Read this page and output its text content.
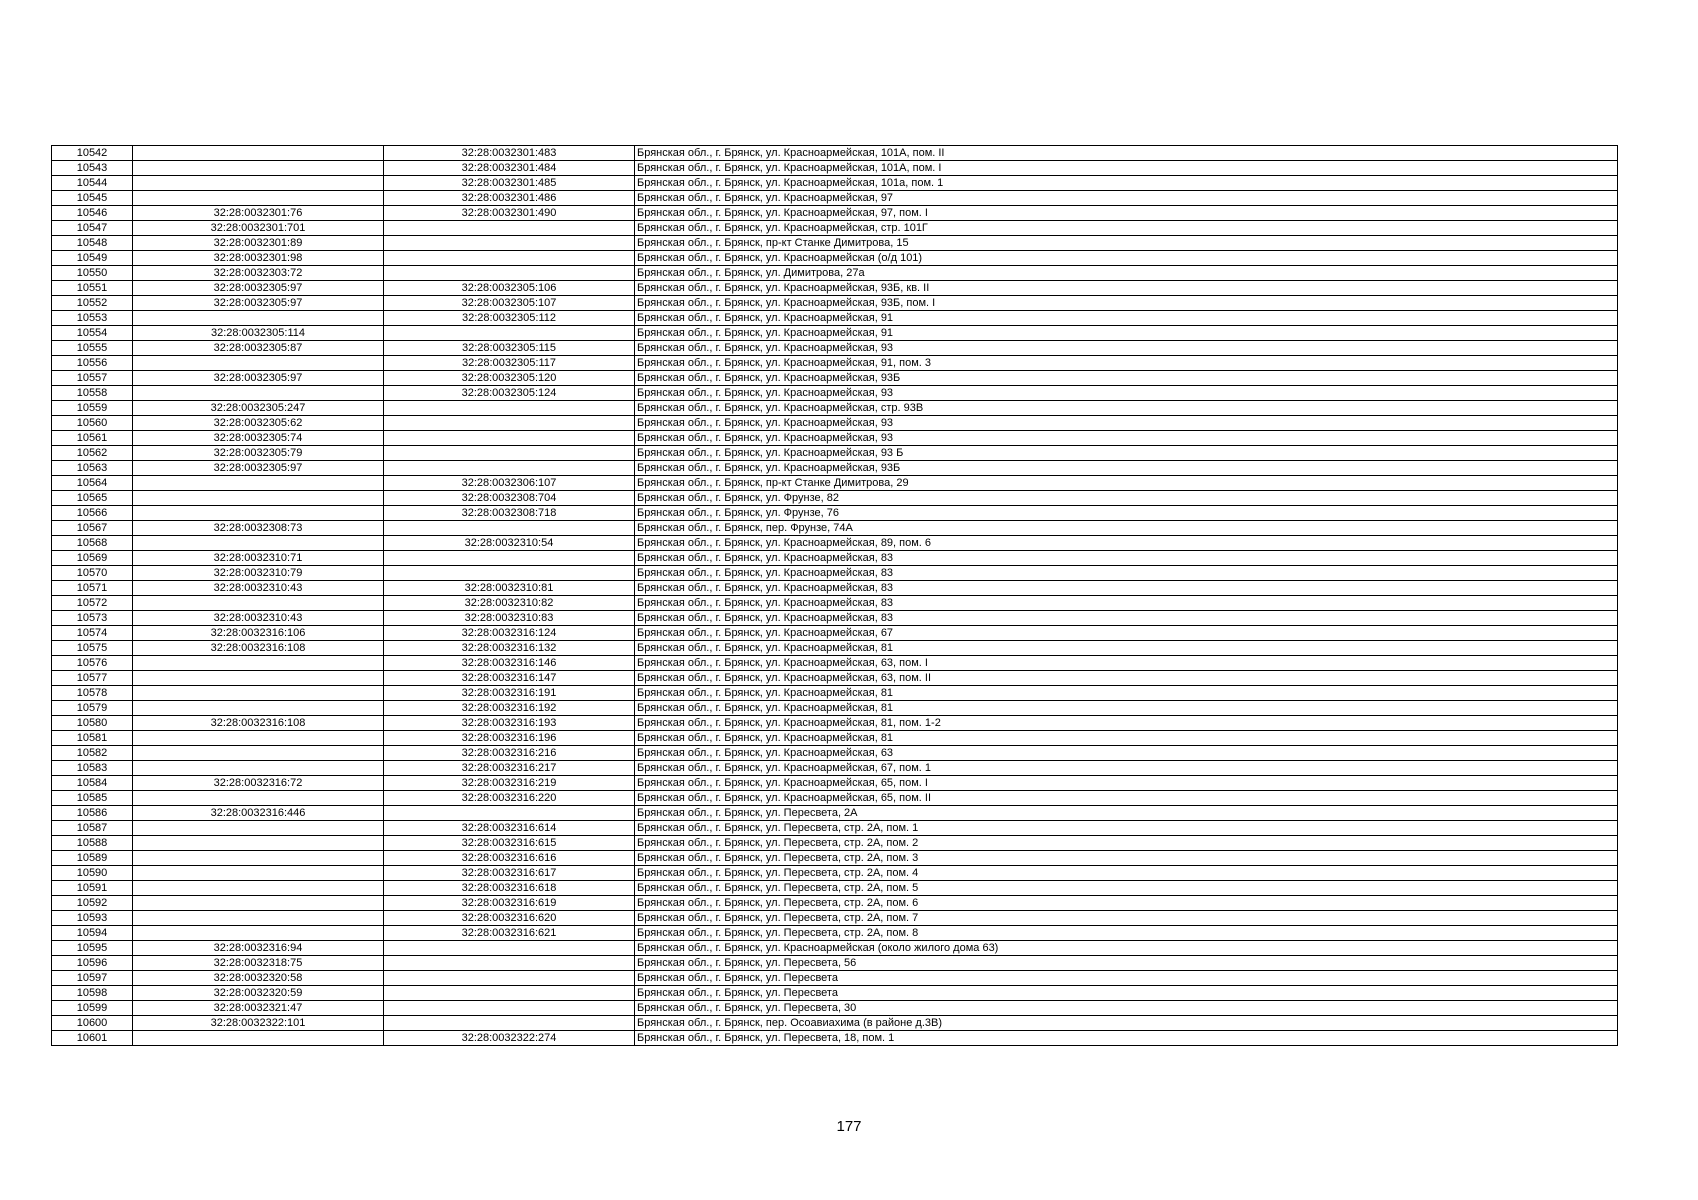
10542		32:28:0032301:483	Брянская обл., г. Брянск, ул. Красноармейская, 101А, пом. II
10543		32:28:0032301:484	Брянская обл., г. Брянск, ул. Красноармейская, 101А, пом. I
10544		32:28:0032301:485	Брянская обл., г. Брянск, ул. Красноармейская, 101а, пом. 1
10545		32:28:0032301:486	Брянская обл., г. Брянск, ул. Красноармейская, 97
10546	32:28:0032301:76	32:28:0032301:490	Брянская обл., г. Брянск, ул. Красноармейская, 97, пом. I
10547	32:28:0032301:701		Брянская обл., г. Брянск, ул. Красноармейская, стр. 101Г
10548	32:28:0032301:89		Брянская обл., г. Брянск, пр-кт Станке Димитрова, 15
10549	32:28:0032301:98		Брянская обл., г. Брянск, ул. Красноармейская (о/д 101)
10550	32:28:0032303:72		Брянская обл., г. Брянск, ул. Димитрова, 27а
10551	32:28:0032305:97	32:28:0032305:106	Брянская обл., г. Брянск, ул. Красноармейская, 93Б, кв. II
10552	32:28:0032305:97	32:28:0032305:107	Брянская обл., г. Брянск, ул. Красноармейская, 93Б, пом. I
10553		32:28:0032305:112	Брянская обл., г. Брянск, ул. Красноармейская, 91
10554	32:28:0032305:114		Брянская обл., г. Брянск, ул. Красноармейская, 91
10555	32:28:0032305:87	32:28:0032305:115	Брянская обл., г. Брянск, ул. Красноармейская, 93
10556		32:28:0032305:117	Брянская обл., г. Брянск, ул. Красноармейская, 91, пом. 3
10557	32:28:0032305:97	32:28:0032305:120	Брянская обл., г. Брянск, ул. Красноармейская, 93Б
10558		32:28:0032305:124	Брянская обл., г. Брянск, ул. Красноармейская, 93
10559	32:28:0032305:247		Брянская обл., г. Брянск, ул. Красноармейская, стр. 93В
10560	32:28:0032305:62		Брянская обл., г. Брянск, ул. Красноармейская, 93
10561	32:28:0032305:74		Брянская обл., г. Брянск, ул. Красноармейская, 93
10562	32:28:0032305:79		Брянская обл., г. Брянск, ул. Красноармейская, 93 Б
10563	32:28:0032305:97		Брянская обл., г. Брянск, ул. Красноармейская, 93Б
10564		32:28:0032306:107	Брянская обл., г. Брянск, пр-кт Станке Димитрова, 29
10565		32:28:0032308:704	Брянская обл., г. Брянск, ул. Фрунзе, 82
10566		32:28:0032308:718	Брянская обл., г. Брянск, ул. Фрунзе, 76
10567	32:28:0032308:73		Брянская обл., г. Брянск, пер. Фрунзе, 74А
10568		32:28:0032310:54	Брянская обл., г. Брянск, ул. Красноармейская, 89, пом. 6
10569	32:28:0032310:71		Брянская обл., г. Брянск, ул. Красноармейская, 83
10570	32:28:0032310:79		Брянская обл., г. Брянск, ул. Красноармейская, 83
10571	32:28:0032310:43	32:28:0032310:81	Брянская обл., г. Брянск, ул. Красноармейская, 83
10572		32:28:0032310:82	Брянская обл., г. Брянск, ул. Красноармейская, 83
10573	32:28:0032310:43	32:28:0032310:83	Брянская обл., г. Брянск, ул. Красноармейская, 83
10574	32:28:0032316:106	32:28:0032316:124	Брянская обл., г. Брянск, ул. Красноармейская, 67
10575	32:28:0032316:108	32:28:0032316:132	Брянская обл., г. Брянск, ул. Красноармейская, 81
10576		32:28:0032316:146	Брянская обл., г. Брянск, ул. Красноармейская, 63, пом. I
10577		32:28:0032316:147	Брянская обл., г. Брянск, ул. Красноармейская, 63, пом. II
10578		32:28:0032316:191	Брянская обл., г. Брянск, ул. Красноармейская, 81
10579		32:28:0032316:192	Брянская обл., г. Брянск, ул. Красноармейская, 81
10580	32:28:0032316:108	32:28:0032316:193	Брянская обл., г. Брянск, ул. Красноармейская, 81, пом. 1-2
10581		32:28:0032316:196	Брянская обл., г. Брянск, ул. Красноармейская, 81
10582		32:28:0032316:216	Брянская обл., г. Брянск, ул. Красноармейская, 63
10583		32:28:0032316:217	Брянская обл., г. Брянск, ул. Красноармейская, 67, пом. 1
10584	32:28:0032316:72	32:28:0032316:219	Брянская обл., г. Брянск, ул. Красноармейская, 65, пом. I
10585		32:28:0032316:220	Брянская обл., г. Брянск, ул. Красноармейская, 65, пом. II
10586	32:28:0032316:446		Брянская обл., г. Брянск, ул. Пересвета, 2А
10587		32:28:0032316:614	Брянская обл., г. Брянск, ул. Пересвета, стр. 2А, пом. 1
10588		32:28:0032316:615	Брянская обл., г. Брянск, ул. Пересвета, стр. 2А, пом. 2
10589		32:28:0032316:616	Брянская обл., г. Брянск, ул. Пересвета, стр. 2А, пом. 3
10590		32:28:0032316:617	Брянская обл., г. Брянск, ул. Пересвета, стр. 2А, пом. 4
10591		32:28:0032316:618	Брянская обл., г. Брянск, ул. Пересвета, стр. 2А, пом. 5
10592		32:28:0032316:619	Брянская обл., г. Брянск, ул. Пересвета, стр. 2А, пом. 6
10593		32:28:0032316:620	Брянская обл., г. Брянск, ул. Пересвета, стр. 2А, пом. 7
10594		32:28:0032316:621	Брянская обл., г. Брянск, ул. Пересвета, стр. 2А, пом. 8
10595	32:28:0032316:94		Брянская обл., г. Брянск, ул. Красноармейская (около жилого дома 63)
10596	32:28:0032318:75		Брянская обл., г. Брянск, ул. Пересвета, 56
10597	32:28:0032320:58		Брянская обл., г. Брянск, ул. Пересвета
10598	32:28:0032320:59		Брянская обл., г. Брянск, ул. Пересвета
10599	32:28:0032321:47		Брянская обл., г. Брянск, ул. Пересвета, 30
10600	32:28:0032322:101		Брянская обл., г. Брянск, пер. Осоавиахима (в районе д.3В)
10601		32:28:0032322:274	Брянская обл., г. Брянск, ул. Пересвета, 18, пом. 1
177
